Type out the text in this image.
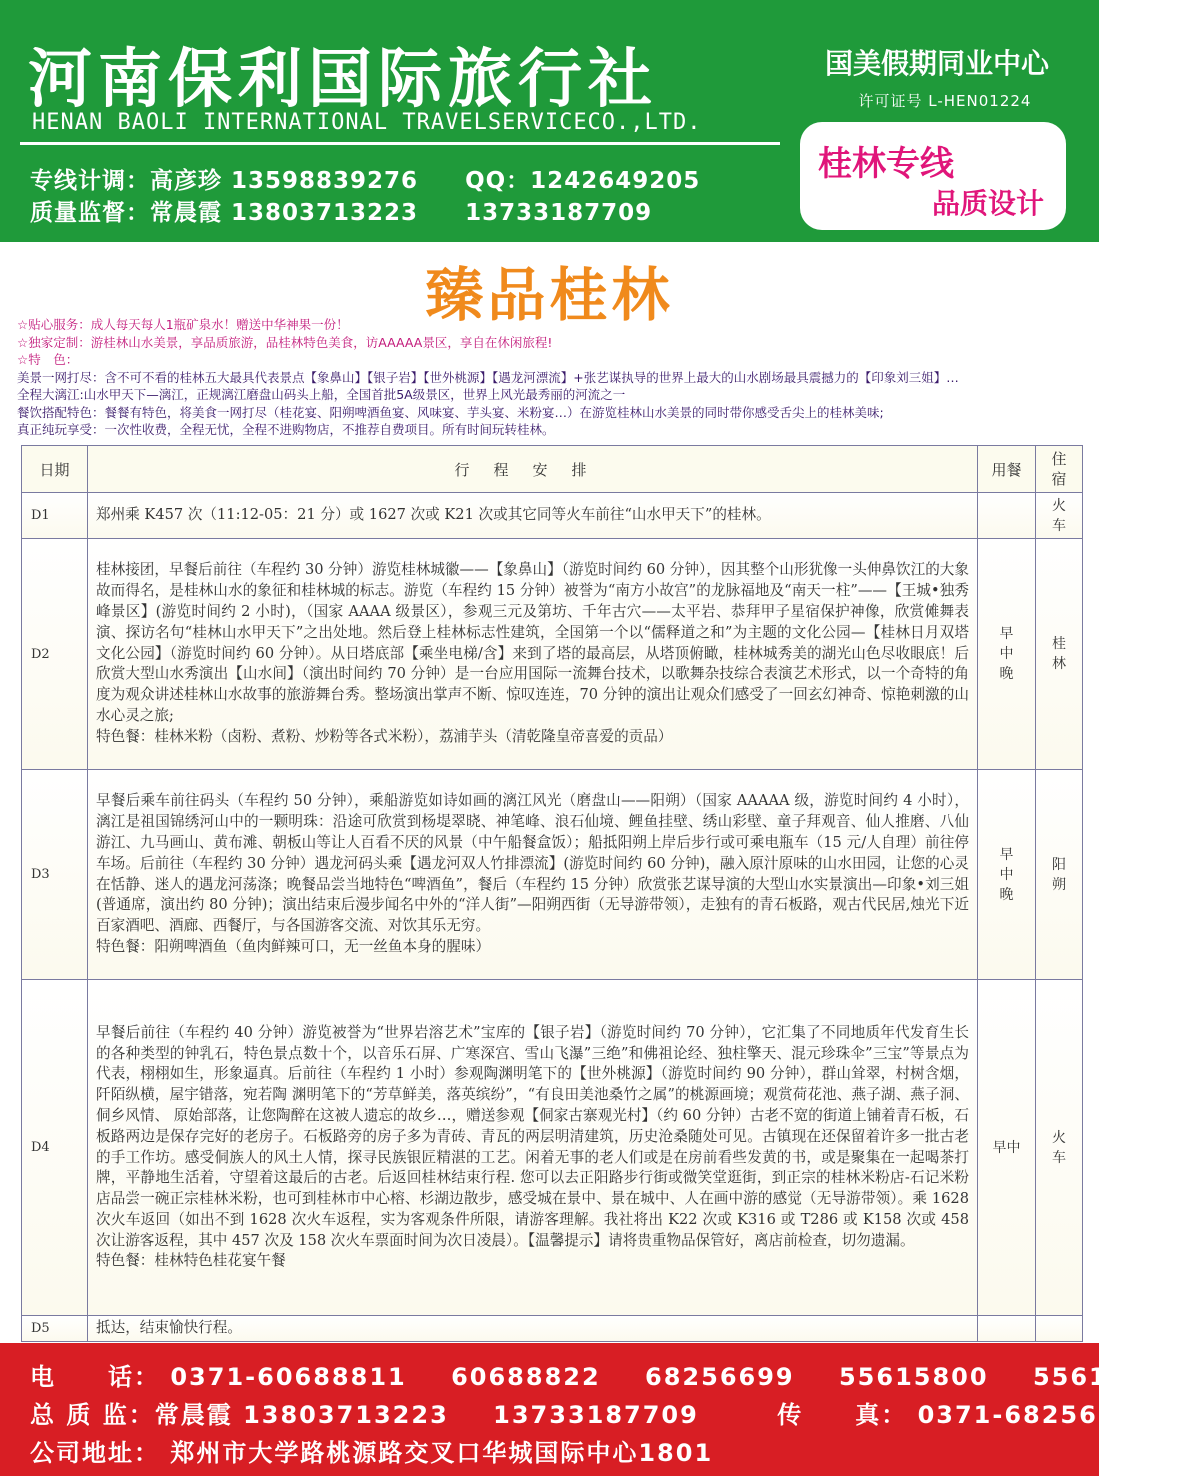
河南保利国际旅行社
HENAN BAOLI INTERNATIONAL TRAVELSERVICECO.,LTD.
专线计调：高彦珍 13598839276 QQ：1242649205
质量监督：常晨霞 13803713223 13733187709
国美假期同业中心
许可证号 L-HEN01224
桂林专线
品质设计
臻品桂林
☆贴心服务：成人每天每人1瓶矿泉水！赠送中华神果一份！
☆独家定制：游桂林山水美景，享品质旅游，品桂林特色美食，访AAAAA景区，享自在休闲旅程!
☆特　色：
美景一网打尽：含不可不看的桂林五大最具代表景点【象鼻山】【银子岩】【世外桃源】【遇龙河漂流】+张艺谋执导的世界上最大的山水剧场最具震撼力的【印象刘三姐】…
全程大漓江:山水甲天下—漓江，正规漓江磨盘山码头上船，全国首批5A级景区，世界上风光最秀丽的河流之一
餐饮搭配特色：餐餐有特色，将美食一网打尽（桂花宴、阳朔啤酒鱼宴、风味宴、芋头宴、米粉宴…）在游览桂林山水美景的同时带你感受舌尖上的桂林美味;
真正纯玩享受：一次性收费，全程无忧，全程不进购物店，不推荐自费项目。所有时间玩转桂林。
日期	行程安排	用餐	住宿
D1	郑州乘 K457 次（11:12-05：21 分）或 1627 次或 K21 次或其它同等火车前往“山水甲天下”的桂林。		火车
D2	桂林接团，早餐后前往（车程约 30 分钟）游览桂林城徽——【象鼻山】（游览时间约 60 分钟），因其整个山形犹像一头伸鼻饮江的大象故而得名，是桂林山水的象征和桂林城的标志。游览（车程约 15 分钟）被誉为“南方小故宫”的龙脉福地及“南天一柱”——【王城•独秀峰景区】(游览时间约 2 小时)，（国家 AAAA 级景区），参观三元及第坊、千年古穴——太平岩、恭拜甲子星宿保护神像，欣赏傩舞表演、探访名句“桂林山水甲天下”之出处地。然后登上桂林标志性建筑，全国第一个以“儒释道之和”为主题的文化公园—【桂林日月双塔文化公园】（游览时间约 60 分钟）。从日塔底部【乘坐电梯/含】来到了塔的最高层，从塔顶俯瞰，桂林城秀美的湖光山色尽收眼底！后欣赏大型山水秀演出【山水间】（演出时间约 70 分钟）是一台应用国际一流舞台技术，以歌舞杂技综合表演艺术形式，以一个奇特的角度为观众讲述桂林山水故事的旅游舞台秀。整场演出掌声不断、惊叹连连，70 分钟的演出让观众们感受了一回玄幻神奇、惊艳刺激的山水心灵之旅;
特色餐：桂林米粉（卤粉、煮粉、炒粉等各式米粉），荔浦芋头（清乾隆皇帝喜爱的贡品）	早中晚	桂林
D3	早餐后乘车前往码头（车程约 50 分钟），乘船游览如诗如画的漓江风光（磨盘山——阳朔）（国家 AAAAA 级，游览时间约 4 小时），漓江是祖国锦绣河山中的一颗明珠：沿途可欣赏到杨堤翠晓、神笔峰、浪石仙境、鲤鱼挂壁、绣山彩壁、童子拜观音、仙人推磨、八仙游江、九马画山、黄布滩、朝板山等让人百看不厌的风景（中午船餐盒饭）；船抵阳朔上岸后步行或可乘电瓶车（15 元/人自理）前往停车场。后前往（车程约 30 分钟）遇龙河码头乘【遇龙河双人竹排漂流】(游览时间约 60 分钟)，融入原汁原味的山水田园，让您的心灵在恬静、迷人的遇龙河荡涤；晚餐品尝当地特色“啤酒鱼”，餐后（车程约 15 分钟）欣赏张艺谋导演的大型山水实景演出—印象•刘三姐(普通席，演出约 80 分钟)；演出结束后漫步闻名中外的“洋人街”—阳朔西街（无导游带领），走独有的青石板路，观古代民居,烛光下近百家酒吧、酒廊、西餐厅，与各国游客交流、对饮其乐无穷。
特色餐：阳朔啤酒鱼（鱼肉鲜辣可口，无一丝鱼本身的腥味）	早中晚	阳朔
D4	早餐后前往（车程约 40 分钟）游览被誉为“世界岩溶艺术”宝库的【银子岩】（游览时间约 70 分钟），它汇集了不同地质年代发育生长的各种类型的钟乳石，特色景点数十个，以音乐石屏、广寒深宫、雪山飞瀑”三绝”和佛祖论经、独柱擎天、混元珍珠伞”三宝”等景点为代表，栩栩如生，形象逼真。后前往（车程约 1 小时）参观陶渊明笔下的【世外桃源】（游览时间约 90 分钟），群山耸翠，村树含烟，阡陌纵横，屋宇错落，宛若陶 渊明笔下的“芳草鲜美，落英缤纷”，“有良田美池桑竹之属”的桃源画境；观赏荷花池、燕子湖、燕子洞、侗乡风情、 原始部落，让您陶醉在这被人遗忘的故乡…，赠送参观【侗家古寨观光村】（约 60 分钟）古老不宽的街道上铺着青石板，石板路两边是保存完好的老房子。石板路旁的房子多为青砖、青瓦的两层明清建筑，历史沧桑随处可见。古镇现在还保留着许多一批古老的手工作坊。感受侗族人的风土人情，探寻民族银匠精湛的工艺。闲着无事的老人们或是在房前看些发黄的书，或是聚集在一起喝茶打牌，平静地生活着，守望着这最后的古老。后返回桂林结束行程. 您可以去正阳路步行街或微笑堂逛街，到正宗的桂林米粉店-石记米粉店品尝一碗正宗桂林米粉，也可到桂林市中心榕、杉湖边散步，感受城在景中、景在城中、人在画中游的感觉（无导游带领）。乘 1628 次火车返回（如出不到 1628 次火车返程，实为客观条件所限，请游客理解。我社将出 K22 次或 K316 或 T286 或 K158 次或 458 次让游客返程，其中 457 次及 158 次火车票面时间为次日凌晨）。【温馨提示】请将贵重物品保管好，离店前检查，切勿遗漏。
特色餐：桂林特色桂花宴午餐	早中	火车
D5	抵达，结束愉快行程。		
电　　话： 0371-60688811 60688822 68256699 55615800 55615877
总 质 监：常晨霞 13803713223 13733187709	传　　真： 0371-68256611
公司地址： 郑州市大学路桃源路交叉口华城国际中心1801
